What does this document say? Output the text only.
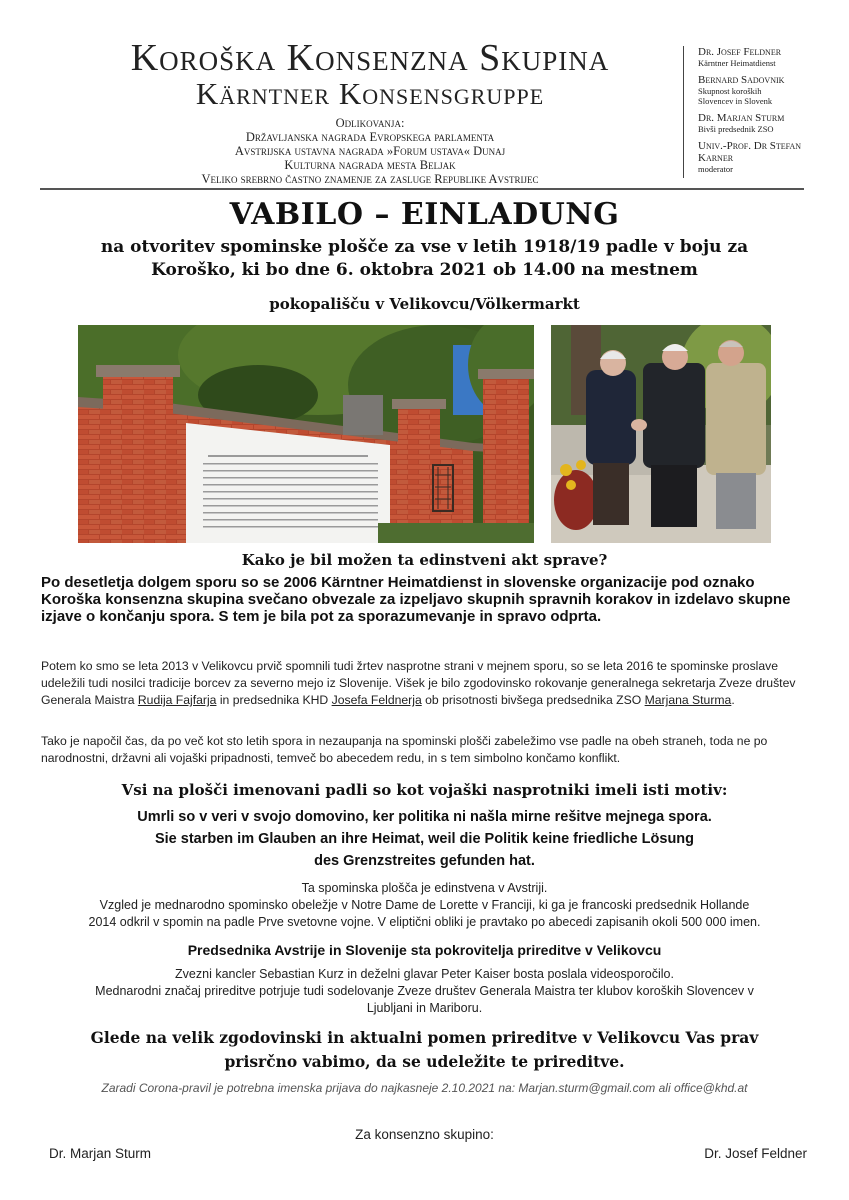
Koroška Konsenzna Skupina
Kärntner Konsensgruppe
Odlikovanja:
Državljanska nagrada Evropskega parlamenta
Avstrijska ustavna nagrada »Forum ustava« Dunaj
Kulturna nagrada mesta Beljak
Veliko srebrno častno znamenje za zasluge Republike Avstrijec
Dr. Josef Feldner
Kärntner Heimatdienst
Bernard Sadovnik
Skupnost koroških Slovencev in Slovenk
Dr. Marjan Sturm
Bivši predsednik ZSO
Univ.-Prof. Dr Stefan Karner
moderator
VABILO – EINLADUNG
na otvoritev spominske plošče za vse v letih 1918/19 padle v boju za Koroško, ki bo dne 6. oktobra 2021 ob 14.00 na mestnem
pokopališču v Velikovcu/Völkermarkt
Kako je bil možen ta edinstveni akt sprave?
Po desetletja dolgem sporu so se 2006 Kärntner Heimatdienst in slovenske organizacije pod oznako Koroška konsenzna skupina svečano obvezale za izpeljavo skupnih spravnih korakov in izdelavo skupne izjave o končanju spora. S tem je bila pot za sporazumevanje in spravo odprta.
Potem ko smo se leta 2013 v Velikovcu prvič spomnili tudi žrtev nasprotne strani v mejnem sporu, so se leta 2016 te spominske proslave udeležili tudi nosilci tradicije borcev za severno mejo iz Slovenije. Višek je bilo zgodovinsko rokovanje generalnega sekretarja Zveze društev Generala Maistra Rudija Fajfarja in predsednika KHD Josefa Feldnerja ob prisotnosti bivšega predsednika ZSO Marjana Sturma.
Tako je napočil čas, da po več kot sto letih spora in nezaupanja na spominski plošči zabeležimo vse padle na obeh straneh, toda ne po narodnostni, državni ali vojaški pripadnosti, temveč bo abecedem redu, in s tem simbolno končamo konflikt.
Vsi na plošči imenovani padli so kot vojaški nasprotniki imeli isti motiv:
Umrli so v veri v svojo domovino, ker politika ni našla mirne rešitve mejnega spora.
Sie starben im Glauben an ihre Heimat, weil die Politik keine friedliche Lösung
des Grenzstreites gefunden hat.
Ta spominska plošča je edinstvena v Avstriji.
Vzgled je mednarodno spominsko obeležje v Notre Dame de Lorette v Franciji, ki ga je francoski predsednik Hollande
2014 odkril v spomin na padle Prve svetovne vojne. V eliptični obliki je pravtako po abecedi zapisanih okoli 500 000 imen.
Predsednika Avstrije in Slovenije sta pokrovitelja prireditve v Velikovcu
Zvezni kancler Sebastian Kurz in deželni glavar Peter Kaiser bosta poslala videosporočilo.
Mednarodni značaj prireditve potrjuje tudi sodelovanje Zveze društev Generala Maistra ter klubov koroških Slovencev v
Ljubljani in Mariboru.
Glede na velik zgodovinski in aktualni pomen prireditve v Velikovcu Vas prav
prisrčno vabimo, da se udeležite te prireditve.
Zaradi Corona-pravil je potrebna imenska prijava do najkasneje 2.10.2021 na: Marjan.sturm@gmail.com ali office@khd.at
Za konsenzno skupino:
Dr. Marjan Sturm	Dr. Josef Feldner
